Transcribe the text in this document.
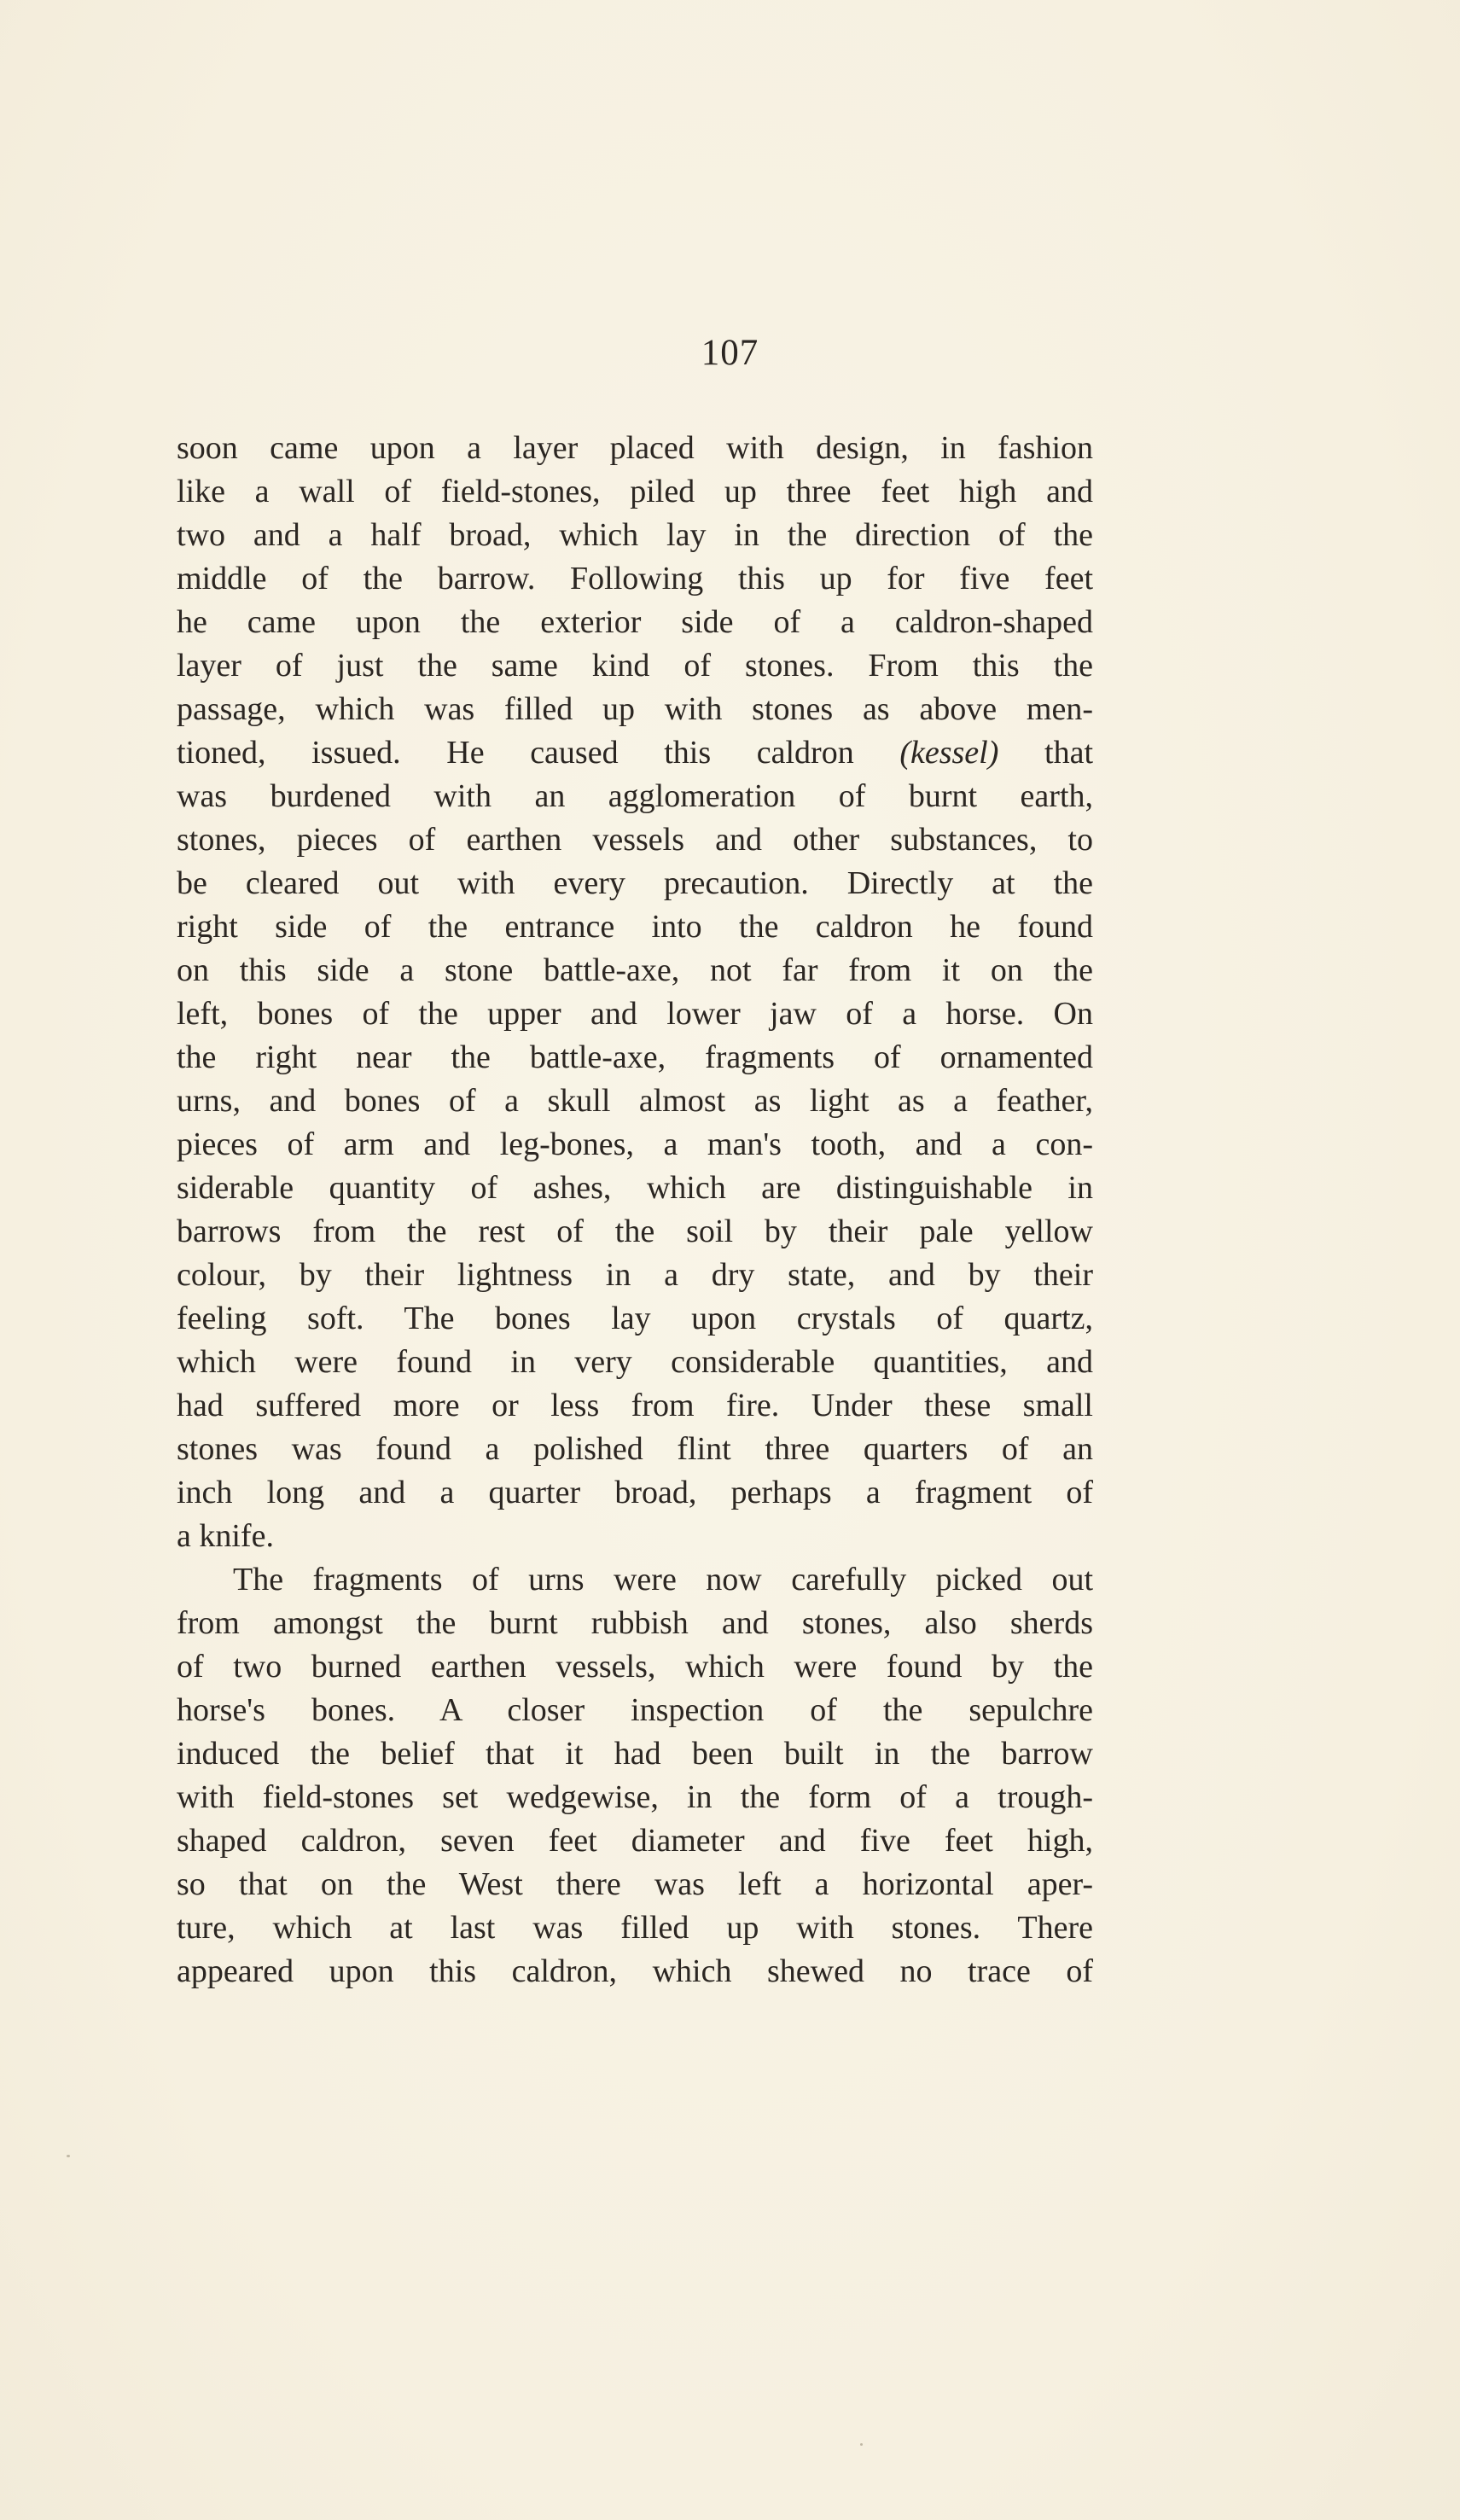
107
soon came upon a layer placed with design, in fashion
like a wall of field-stones, piled up three feet high and
two and a half broad, which lay in the direction of the
middle of the barrow. Following this up for five feet
he came upon the exterior side of a caldron-shaped
layer of just the same kind of stones. From this the
passage, which was filled up with stones as above men-
tioned, issued. He caused this caldron (kessel) that
was burdened with an agglomeration of burnt earth,
stones, pieces of earthen vessels and other substances, to
be cleared out with every precaution. Directly at the
right side of the entrance into the caldron he found
on this side a stone battle-axe, not far from it on the
left, bones of the upper and lower jaw of a horse. On
the right near the battle-axe, fragments of ornamented
urns, and bones of a skull almost as light as a feather,
pieces of arm and leg-bones, a man's tooth, and a con-
siderable quantity of ashes, which are distinguishable in
barrows from the rest of the soil by their pale yellow
colour, by their lightness in a dry state, and by their
feeling soft. The bones lay upon crystals of quartz,
which were found in very considerable quantities, and
had suffered more or less from fire. Under these small
stones was found a polished flint three quarters of an
inch long and a quarter broad, perhaps a fragment of
a knife.
The fragments of urns were now carefully picked out
from amongst the burnt rubbish and stones, also sherds
of two burned earthen vessels, which were found by the
horse's bones. A closer inspection of the sepulchre
induced the belief that it had been built in the barrow
with field-stones set wedgewise, in the form of a trough-
shaped caldron, seven feet diameter and five feet high,
so that on the West there was left a horizontal aper-
ture, which at last was filled up with stones. There
appeared upon this caldron, which shewed no trace of
